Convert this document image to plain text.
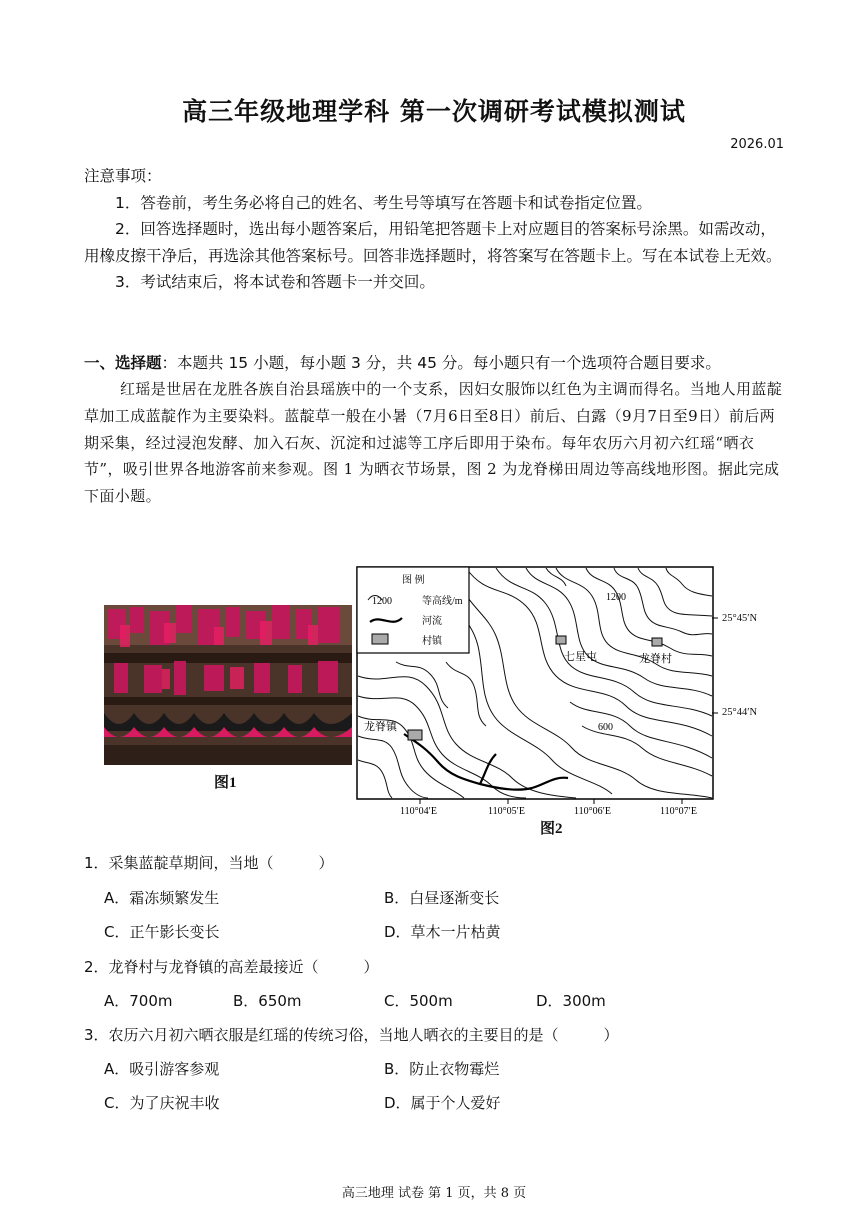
高三年级地理学科 第一次调研考试模拟测试
2026.01

注意事项：

1．答卷前，考生务必将自己的姓名、考生号等填写在答题卡和试卷指定位置。

2．回答选择题时，选出每小题答案后，用铅笔把答题卡上对应题目的答案标号涂黑。如需改动，用橡皮擦干净后，再选涂其他答案标号。回答非选择题时，将答案写在答题卡上。写在本试卷上无效。

3．考试结束后，将本试卷和答题卡一并交回。

一、选择题：本题共 15 小题，每小题 3 分，共 45 分。每小题只有一个选项符合题目要求。

红瑶是世居在龙胜各族自治县瑶族中的一个支系，因妇女服饰以红色为主调而得名。当地人用蓝靛草加工成蓝靛作为主要染料。蓝靛草一般在小暑（7月6日至8日）前后、白露（9月7日至9日）前后两期采集，经过浸泡发酵、加入石灰、沉淀和过滤等工序后即用于染布。每年农历六月初六红瑶“晒衣节”，吸引世界各地游客前来参观。图 1 为晒衣节场景，图 2 为龙脊梯田周边等高线地形图。据此完成下面小题。

图1
图 例
1200	等高线/m
河流
村镇
七星屯	龙脊村
龙脊镇
1200
600
110°04′E	110°05′E	110°06′E	110°07′E
25°45′N
25°44′N
图2
1．采集蓝靛草期间，当地（　　　）
A．霜冻频繁发生	B．白昼逐渐变长
C．正午影长变长	D．草木一片枯黄
2．龙脊村与龙脊镇的高差最接近（　　　）
A．700m	B．650m	C．500m	D．300m
3．农历六月初六晒衣服是红瑶的传统习俗，当地人晒衣的主要目的是（　　　）
A．吸引游客参观	B．防止衣物霉烂
C．为了庆祝丰收	D．属于个人爱好
高三地理 试卷 第 1 页，共 8 页
